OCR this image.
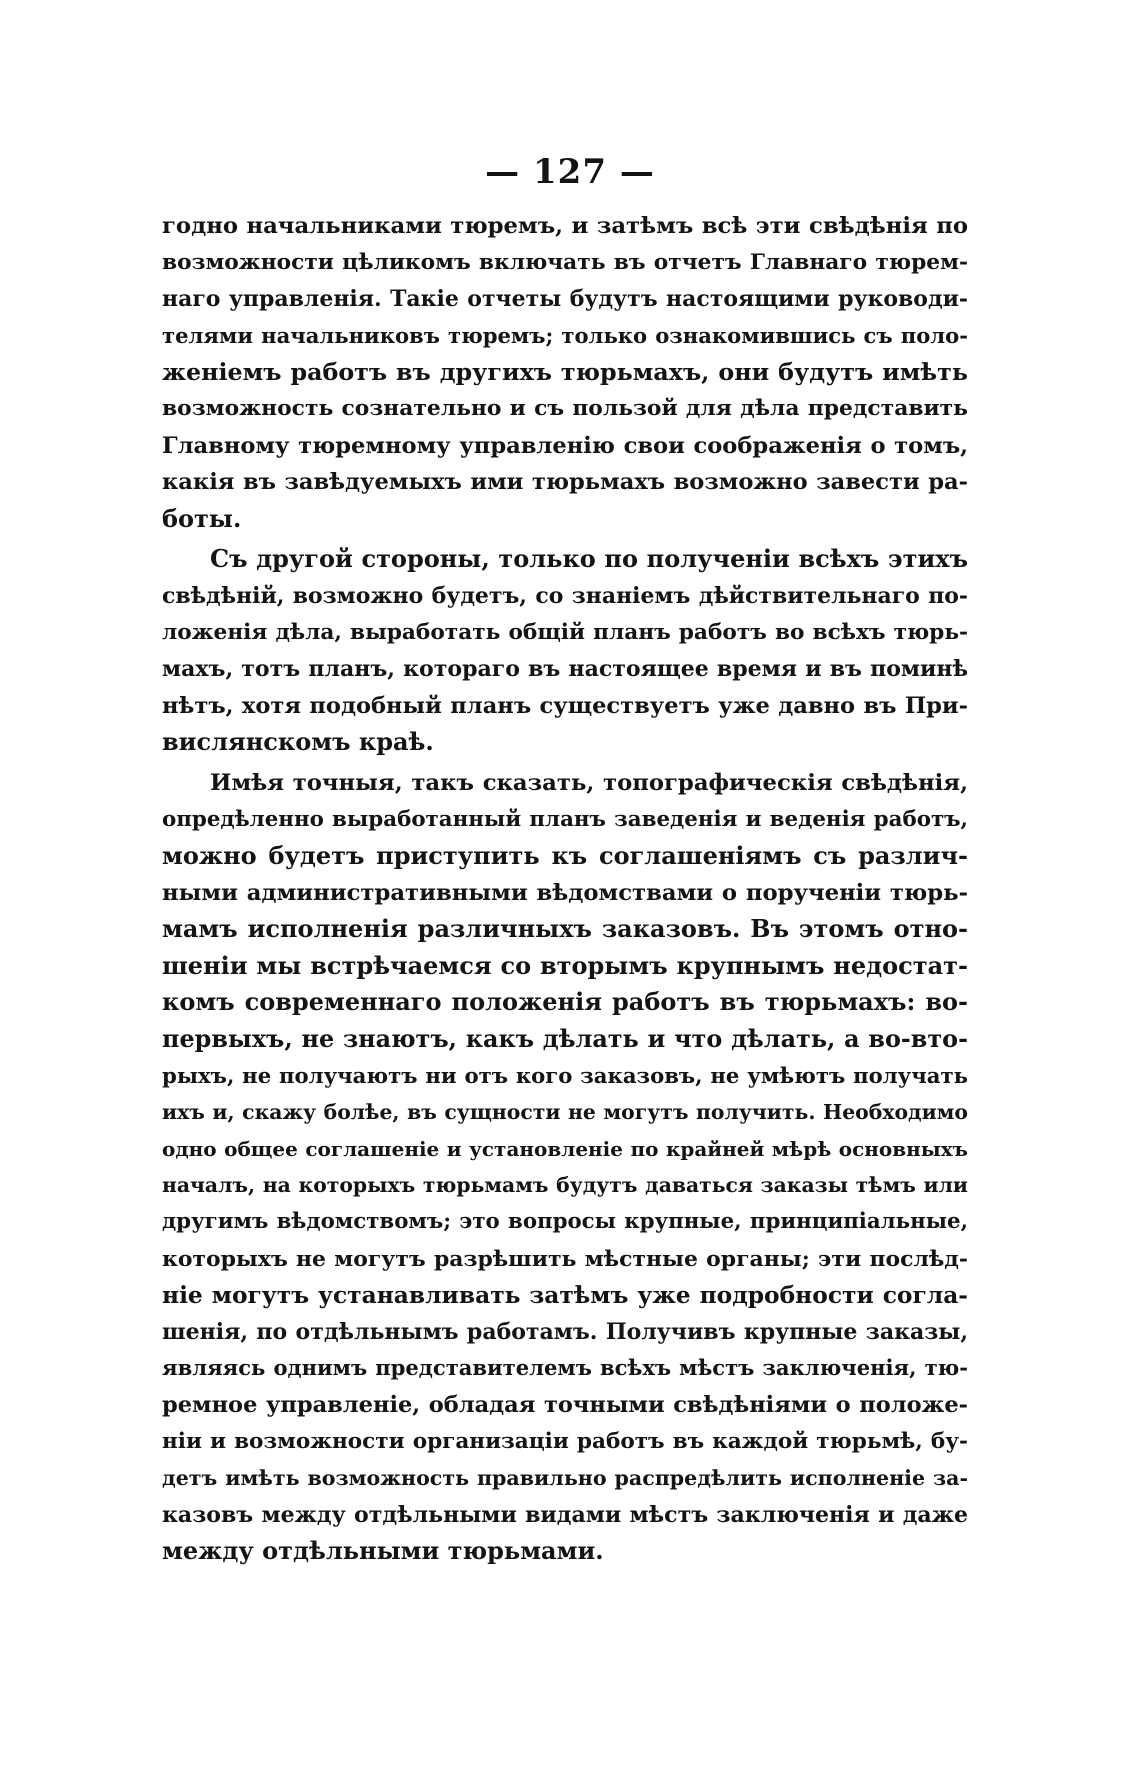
— 127 —
годно начальниками тюремъ, и затѣмъ всѣ эти свѣдѣнія по
возможности цѣликомъ включать въ отчетъ Главнаго тюрем-
наго управленія. Такіе отчеты будутъ настоящими руководи-
телями начальниковъ тюремъ; только ознакомившись съ поло-
женіемъ работъ въ другихъ тюрьмахъ, они будутъ имѣть
возможность сознательно и съ пользой для дѣла представить
Главному тюремному управленію свои соображенія о томъ,
какія въ завѣдуемыхъ ими тюрьмахъ возможно завести ра-
боты.
Съ другой стороны, только по полученіи всѣхъ этихъ
свѣдѣній, возможно будетъ, со знаніемъ дѣйствительнаго по-
ложенія дѣла, выработать общій планъ работъ во всѣхъ тюрь-
махъ, тотъ планъ, котораго въ настоящее время и въ поминѣ
нѣтъ, хотя подобный планъ существуетъ уже давно въ При-
вислянскомъ краѣ.
Имѣя точныя, такъ сказать, топографическія свѣдѣнія,
опредѣленно выработанный планъ заведенія и веденія работъ,
можно будетъ приступить къ соглашеніямъ съ различ-
ными административными вѣдомствами о порученіи тюрь-
мамъ исполненія различныхъ заказовъ. Въ этомъ отно-
шеніи мы встрѣчаемся со вторымъ крупнымъ недостат-
комъ современнаго положенія работъ въ тюрьмахъ: во-
первыхъ, не знаютъ, какъ дѣлать и что дѣлать, а во-вто-
рыхъ, не получаютъ ни отъ кого заказовъ, не умѣютъ получать
ихъ и, скажу болѣе, въ сущности не могутъ получить. Необходимо
одно общее соглашеніе и установленіе по крайней мѣрѣ основныхъ
началъ, на которыхъ тюрьмамъ будутъ даваться заказы тѣмъ или
другимъ вѣдомствомъ; это вопросы крупные, принципіальные,
которыхъ не могутъ разрѣшить мѣстные органы; эти послѣд-
ніе могутъ устанавливать затѣмъ уже подробности согла-
шенія, по отдѣльнымъ работамъ. Получивъ крупные заказы,
являясь однимъ представителемъ всѣхъ мѣстъ заключенія, тю-
ремное управленіе, обладая точными свѣдѣніями о положе-
ніи и возможности организаціи работъ въ каждой тюрьмѣ, бу-
детъ имѣть возможность правильно распредѣлить исполненіе за-
казовъ между отдѣльными видами мѣстъ заключенія и даже
между отдѣльными тюрьмами.
